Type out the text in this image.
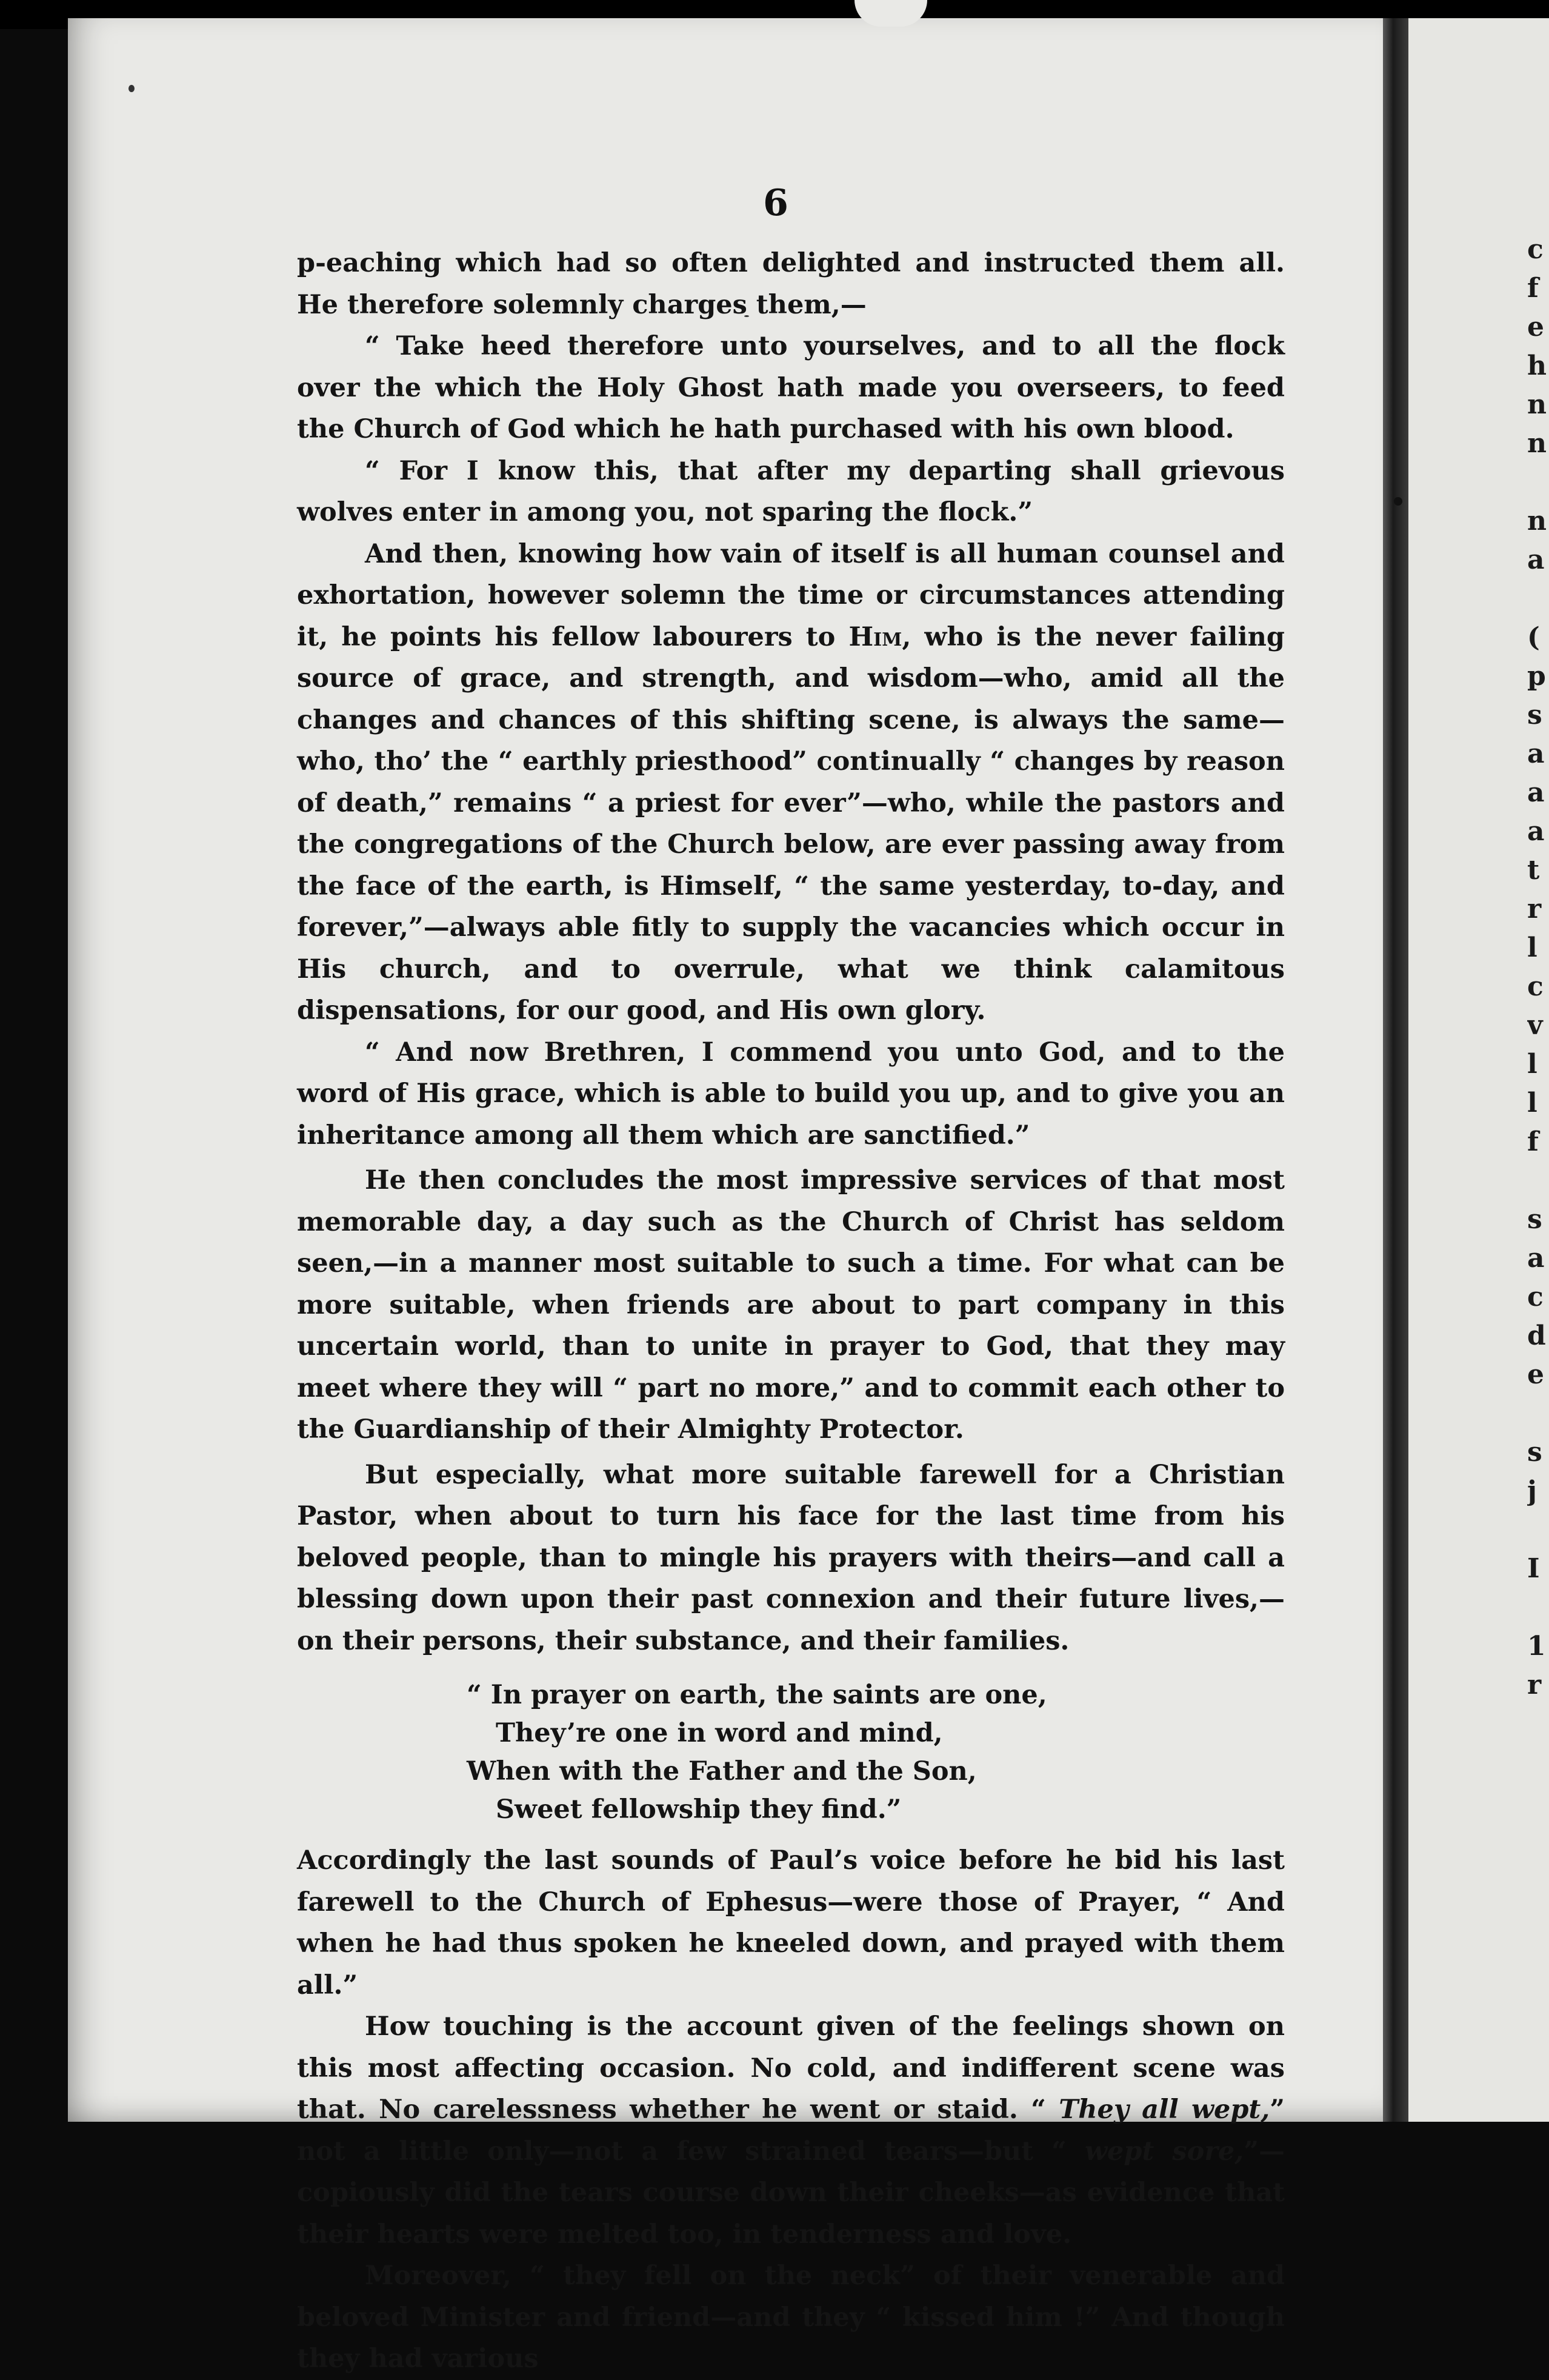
6

p‐eaching which had so often delighted and instructed them all. He therefore solemnly charges them,—

“ Take heed therefore unto yourselves, and to all the flock over the which the Holy Ghost hath made you overseers, to feed the Church of God which he hath purchased with his own blood.

“ For I know this, that after my departing shall grievous wolves enter in among you, not sparing the flock.”

And then, knowing how vain of itself is all human counsel and exhortation, however solemn the time or circumstances attending it, he points his fellow labourers to Him, who is the never failing source of grace, and strength, and wisdom—who, amid all the changes and chances of this shifting scene, is always the same—who, tho’ the “ earthly priesthood” continually “ changes by reason of death,” remains “ a priest for ever”—who, while the pastors and the congregations of the Church below, are ever passing away from the face of the earth, is Himself, “ the same yesterday, to-day, and forever,”—always able fitly to supply the vacancies which occur in His church, and to overrule, what we think calamitous dispensations, for our good, and His own glory.

“ And now Brethren, I commend you unto God, and to the word of His grace, which is able to build you up, and to give you an inheritance among all them which are sanctified.”

He then concludes the most impressive services of that most memorable day, a day such as the Church of Christ has seldom seen,—in a manner most suitable to such a time. For what can be more suitable, when friends are about to part company in this uncertain world, than to unite in prayer to God, that they may meet where they will “ part no more,” and to commit each other to the Guardianship of their Almighty Protector.

But especially, what more suitable farewell for a Christian Pastor, when about to turn his face for the last time from his beloved people, than to mingle his prayers with theirs—and call a blessing down upon their past connexion and their future lives,—on their persons, their substance, and their families.

“ In prayer on earth, the saints are one,
They’re one in word and mind,
When with the Father and the Son,
Sweet fellowship they find.”

Accordingly the last sounds of Paul’s voice before he bid his last farewell to the Church of Ephesus—were those of Prayer, “ And when he had thus spoken he kneeled down, and prayed with them all.”

How touching is the account given of the feelings shown on this most affecting occasion. No cold, and indifferent scene was that. No carelessness whether he went or staid. “ They all wept,” not a little only—not a few strained tears—but “ wept sore,”—copiously did the tears course down their cheeks—as evidence that their hearts were melted too, in tenderness and love.

Moreover, “ they fell on the neck” of their venerable and beloved Minister and friend—and they “ kissed him !” And though they had various

c
f
e
h
n
n
n
a
(
p
s
a
a
a
t
r
l
c
v
l
l
f
s
a
c
d
e
s
j
I
1
r
